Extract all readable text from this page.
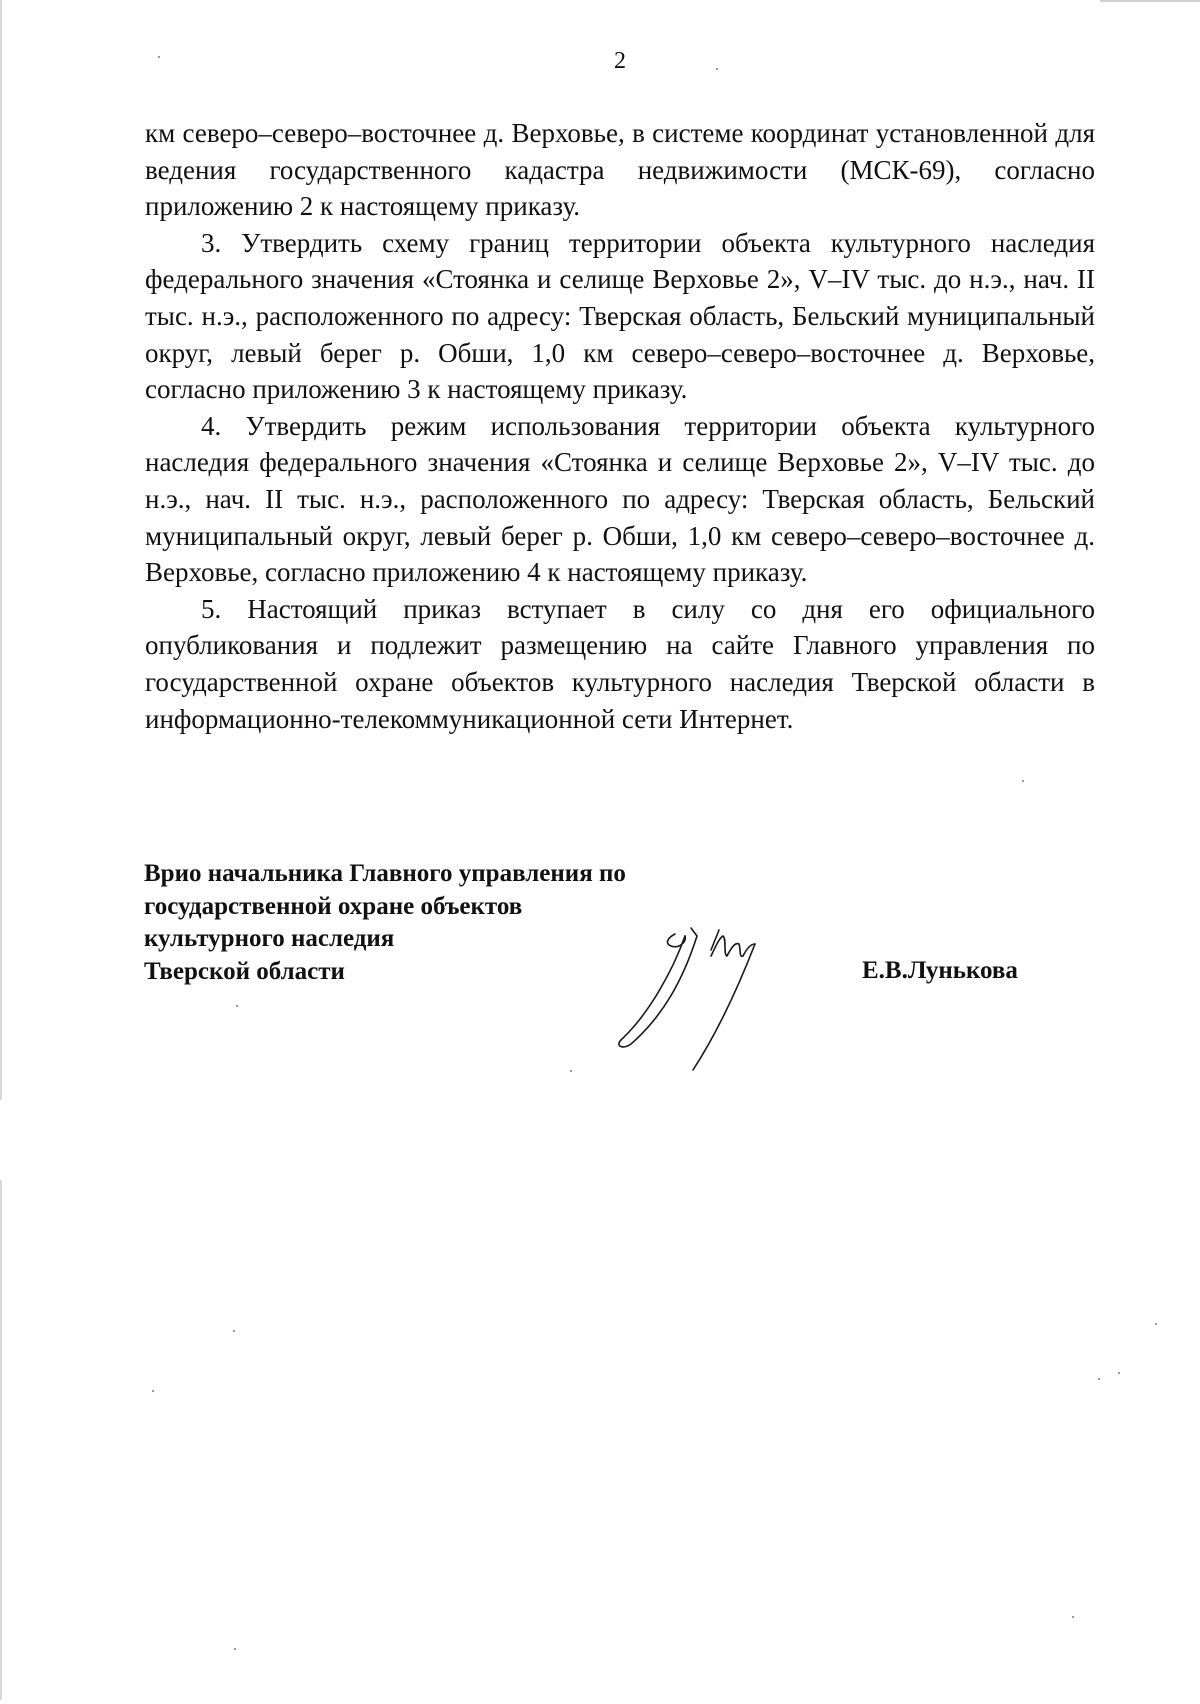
2

км северо–северо–восточнее д. Верховье, в системе координат установленной для ведения государственного кадастра недвижимости (МСК-69), согласно приложению 2 к настоящему приказу.

3. Утвердить схему границ территории объекта культурного наследия федерального значения «Стоянка и селище Верховье 2», V–IV тыс. до н.э., нач. II тыс. н.э., расположенного по адресу: Тверская область, Бельский муниципальный округ, левый берег р. Обши, 1,0 км северо–северо–восточнее д. Верховье, согласно приложению 3 к настоящему приказу.

4. Утвердить режим использования территории объекта культурного наследия федерального значения «Стоянка и селище Верховье 2», V–IV тыс. до н.э., нач. II тыс. н.э., расположенного по адресу: Тверская область, Бельский муниципальный округ, левый берег р. Обши, 1,0 км северо–северо–восточнее д. Верховье, согласно приложению 4 к настоящему приказу.

5. Настоящий приказ вступает в силу со дня его официального опубликования и подлежит размещению на сайте Главного управления по государственной охране объектов культурного наследия Тверской области в информационно-телекоммуникационной сети Интернет.

Врио начальника Главного управления по
государственной охране объектов
культурного наследия
Тверской области	Е.В.Лунькова
